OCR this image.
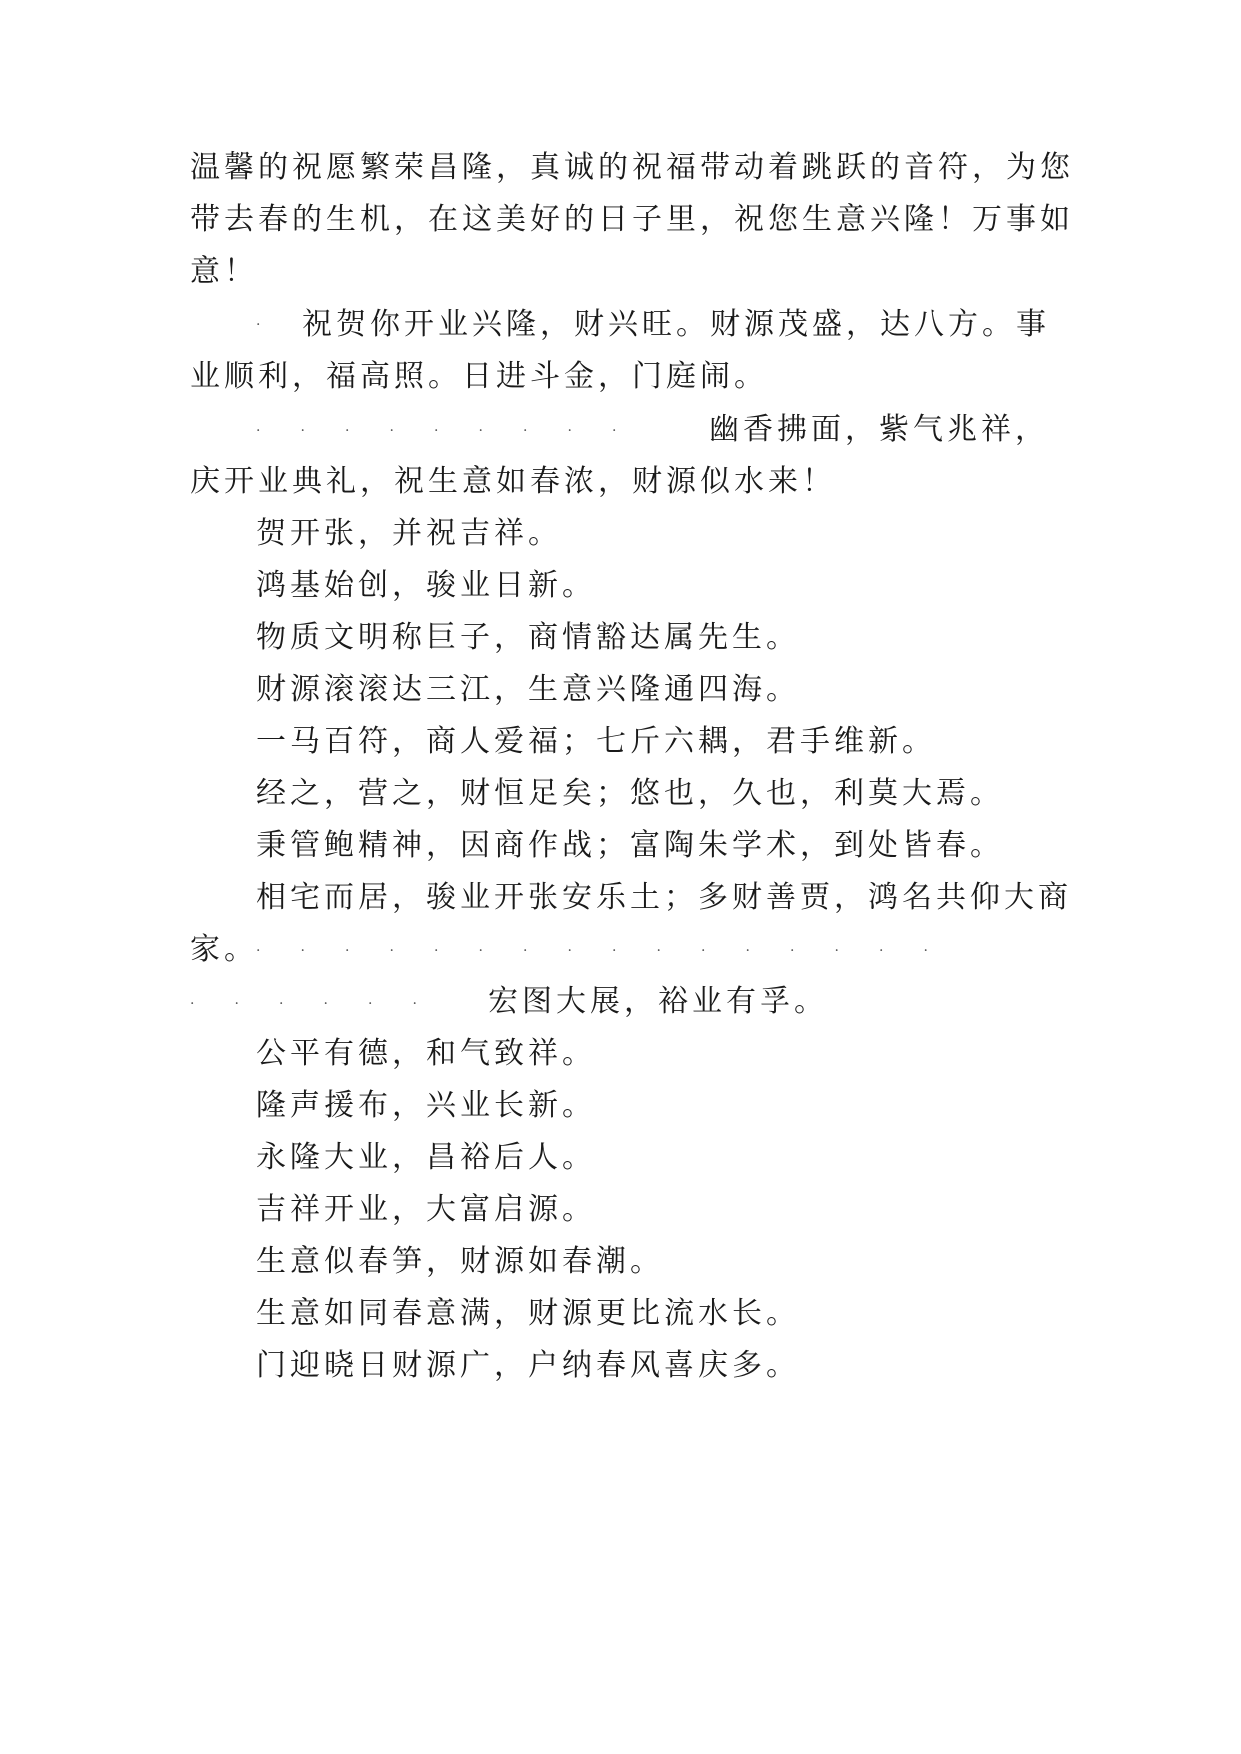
温馨的祝愿繁荣昌隆，真诚的祝福带动着跳跃的音符，为您
带去春的生机，在这美好的日子里，祝您生意兴隆！万事如
意！
· 祝贺你开业兴隆，财兴旺。财源茂盛，达八方。事
业顺利，福高照。日进斗金，门庭闹。
·         ·         ·         ·         ·         ·         ·         ·         ·	幽香拂面，紫气兆祥，
庆开业典礼，祝生意如春浓，财源似水来！
贺开张，并祝吉祥。
鸿基始创，骏业日新。
物质文明称巨子，商情豁达属先生。
财源滚滚达三江，生意兴隆通四海。
一马百符，商人爱福；七斤六耦，君手维新。
经之，营之，财恒足矣；悠也，久也，利莫大焉。
秉管鲍精神，因商作战；富陶朱学术，到处皆春。
相宅而居，骏业开张安乐土；多财善贾，鸿名共仰大商
家。
·         ·         ·         ·         ·         ·         ·         ·         ·         ·         ·         ·         ·         ·         ·         ·
·         ·         ·         ·         ·         · 宏图大展，裕业有孚。
公平有德，和气致祥。
隆声援布，兴业长新。
永隆大业，昌裕后人。
吉祥开业，大富启源。
生意似春笋，财源如春潮。
生意如同春意满，财源更比流水长。
门迎晓日财源广，户纳春风喜庆多。
